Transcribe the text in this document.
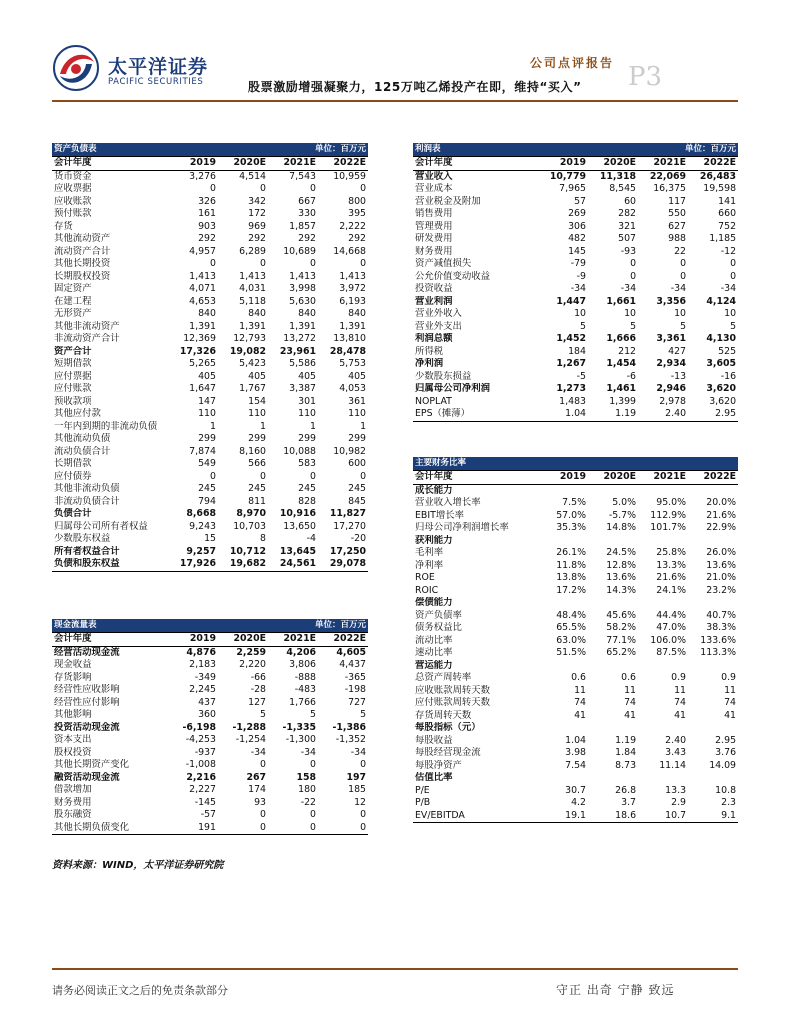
太平洋证券
PACIFIC SECURITIES
公司点评报告 P3
股票激励增强凝聚力，125万吨乙烯投产在即，维持“买入”
资产负债表			单位：百万元	
会计年度	2019	2020E	2021E	2022E
货币资金	3,276	4,514	7,543	10,959
应收票据	0	0	0	0
应收账款	326	342	667	800
预付账款	161	172	330	395
存货	903	969	1,857	2,222
其他流动资产	292	292	292	292
流动资产合计	4,957	6,289	10,689	14,668
其他长期投资	0	0	0	0
长期股权投资	1,413	1,413	1,413	1,413
固定资产	4,071	4,031	3,998	3,972
在建工程	4,653	5,118	5,630	6,193
无形资产	840	840	840	840
其他非流动资产	1,391	1,391	1,391	1,391
非流动资产合计	12,369	12,793	13,272	13,810
资产合计	17,326	19,082	23,961	28,478
短期借款	5,265	5,423	5,586	5,753
应付票据	405	405	405	405
应付账款	1,647	1,767	3,387	4,053
预收款项	147	154	301	361
其他应付款	110	110	110	110
一年内到期的非流动负债	1	1	1	1
其他流动负债	299	299	299	299
流动负债合计	7,874	8,160	10,088	10,982
长期借款	549	566	583	600
应付债券	0	0	0	0
其他非流动负债	245	245	245	245
非流动负债合计	794	811	828	845
负债合计	8,668	8,970	10,916	11,827
归属母公司所有者权益	9,243	10,703	13,650	17,270
少数股东权益	15	8	-4	-20
所有者权益合计	9,257	10,712	13,645	17,250
负债和股东权益	17,926	19,682	24,561	29,078
现金流量表			单位：百万元	
会计年度	2019	2020E	2021E	2022E
经营活动现金流	4,876	2,259	4,206	4,605
现金收益	2,183	2,220	3,806	4,437
存货影响	-349	-66	-888	-365
经营性应收影响	2,245	-28	-483	-198
经营性应付影响	437	127	1,766	727
其他影响	360	5	5	5
投资活动现金流	-6,198	-1,288	-1,335	-1,386
资本支出	-4,253	-1,254	-1,300	-1,352
股权投资	-937	-34	-34	-34
其他长期资产变化	-1,008	0	0	0
融资活动现金流	2,216	267	158	197
借款增加	2,227	174	180	185
财务费用	-145	93	-22	12
股东融资	-57	0	0	0
其他长期负债变化	191	0	0	0
利润表			单位：百万元	
会计年度	2019	2020E	2021E	2022E
营业收入	10,779	11,318	22,069	26,483
营业成本	7,965	8,545	16,375	19,598
营业税金及附加	57	60	117	141
销售费用	269	282	550	660
管理费用	306	321	627	752
研发费用	482	507	988	1,185
财务费用	145	-93	22	-12
资产减值损失	-79	0	0	0
公允价值变动收益	-9	0	0	0
投资收益	-34	-34	-34	-34
营业利润	1,447	1,661	3,356	4,124
营业外收入	10	10	10	10
营业外支出	5	5	5	5
利润总额	1,452	1,666	3,361	4,130
所得税	184	212	427	525
净利润	1,267	1,454	2,934	3,605
少数股东损益	-5	-6	-13	-16
归属母公司净利润	1,273	1,461	2,946	3,620
NOPLAT	1,483	1,399	2,978	3,620
EPS（摊薄）	1.04	1.19	2.40	2.95
主要财务比率				
会计年度	2019	2020E	2021E	2022E
成长能力				
营业收入增长率	7.5%	5.0%	95.0%	20.0%
EBIT增长率	57.0%	-5.7%	112.9%	21.6%
归母公司净利润增长率	35.3%	14.8%	101.7%	22.9%
获利能力				
毛利率	26.1%	24.5%	25.8%	26.0%
净利率	11.8%	12.8%	13.3%	13.6%
ROE	13.8%	13.6%	21.6%	21.0%
ROIC	17.2%	14.3%	24.1%	23.2%
偿债能力				
资产负债率	48.4%	45.6%	44.4%	40.7%
债务权益比	65.5%	58.2%	47.0%	38.3%
流动比率	63.0%	77.1%	106.0%	133.6%
速动比率	51.5%	65.2%	87.5%	113.3%
营运能力				
总资产周转率	0.6	0.6	0.9	0.9
应收账款周转天数	11	11	11	11
应付账款周转天数	74	74	74	74
存货周转天数	41	41	41	41
每股指标（元）				
每股收益	1.04	1.19	2.40	2.95
每股经营现金流	3.98	1.84	3.43	3.76
每股净资产	7.54	8.73	11.14	14.09
估值比率				
P/E	30.7	26.8	13.3	10.8
P/B	4.2	3.7	2.9	2.3
EV/EBITDA	19.1	18.6	10.7	9.1
资料来源：WIND，太平洋证券研究院
请务必阅读正文之后的免责条款部分	守正 出奇 宁静 致远
